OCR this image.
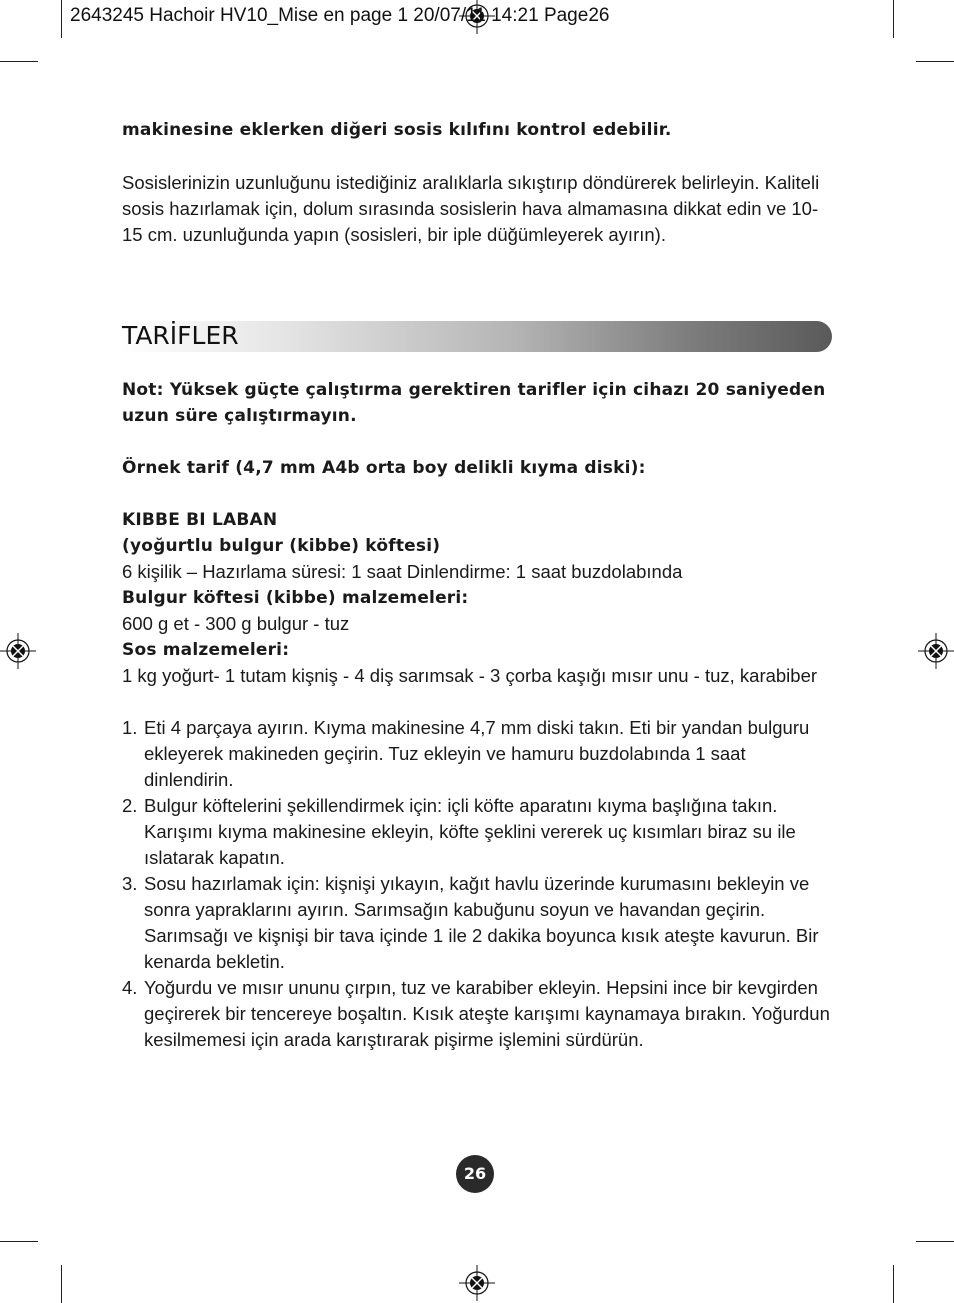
2643245 Hachoir HV10_Mise en page 1 20/07/11 14:21 Page26

makinesine eklerken diğeri sosis kılıfını kontrol edebilir.

Sosislerinizin uzunluğunu istediğiniz aralıklarla sıkıştırıp döndürerek belirleyin. Kaliteli sosis hazırlamak için, dolum sırasında sosislerin hava almamasına dikkat edin ve 10-15 cm. uzunluğunda yapın (sosisleri, bir iple düğümleyerek ayırın).

TARİFLER

Not: Yüksek güçte çalıştırma gerektiren tarifler için cihazı 20 saniyeden uzun süre çalıştırmayın.

Örnek tarif (4,7 mm A4b orta boy delikli kıyma diski):

KIBBE BI LABAN

(yoğurtlu bulgur (kibbe) köftesi)

6 kişilik – Hazırlama süresi: 1 saat Dinlendirme: 1 saat buzdolabında

Bulgur köftesi (kibbe) malzemeleri:

600 g et - 300 g bulgur - tuz

Sos malzemeleri:

1 kg yoğurt- 1 tutam kişniş - 4 diş sarımsak - 3 çorba kaşığı mısır unu - tuz, karabiber

1. Eti 4 parçaya ayırın. Kıyma makinesine 4,7 mm diski takın. Eti bir yandan bulguru ekleyerek makineden geçirin. Tuz ekleyin ve hamuru buzdolabında 1 saat dinlendirin.
2. Bulgur köftelerini şekillendirmek için: içli köfte aparatını kıyma başlığına takın. Karışımı kıyma makinesine ekleyin, köfte şeklini vererek uç kısımları biraz su ile ıslatarak kapatın.
3. Sosu hazırlamak için: kişnişi yıkayın, kağıt havlu üzerinde kurumasını bekleyin ve sonra yapraklarını ayırın. Sarımsağın kabuğunu soyun ve havandan geçirin. Sarımsağı ve kişnişi bir tava içinde 1 ile 2 dakika boyunca kısık ateşte kavurun. Bir kenarda bekletin.
4. Yoğurdu ve mısır ununu çırpın, tuz ve karabiber ekleyin. Hepsini ince bir kevgirden geçirerek bir tencereye boşaltın. Kısık ateşte karışımı kaynamaya bırakın. Yoğurdun kesilmemesi için arada karıştırarak pişirme işlemini sürdürün.
26
